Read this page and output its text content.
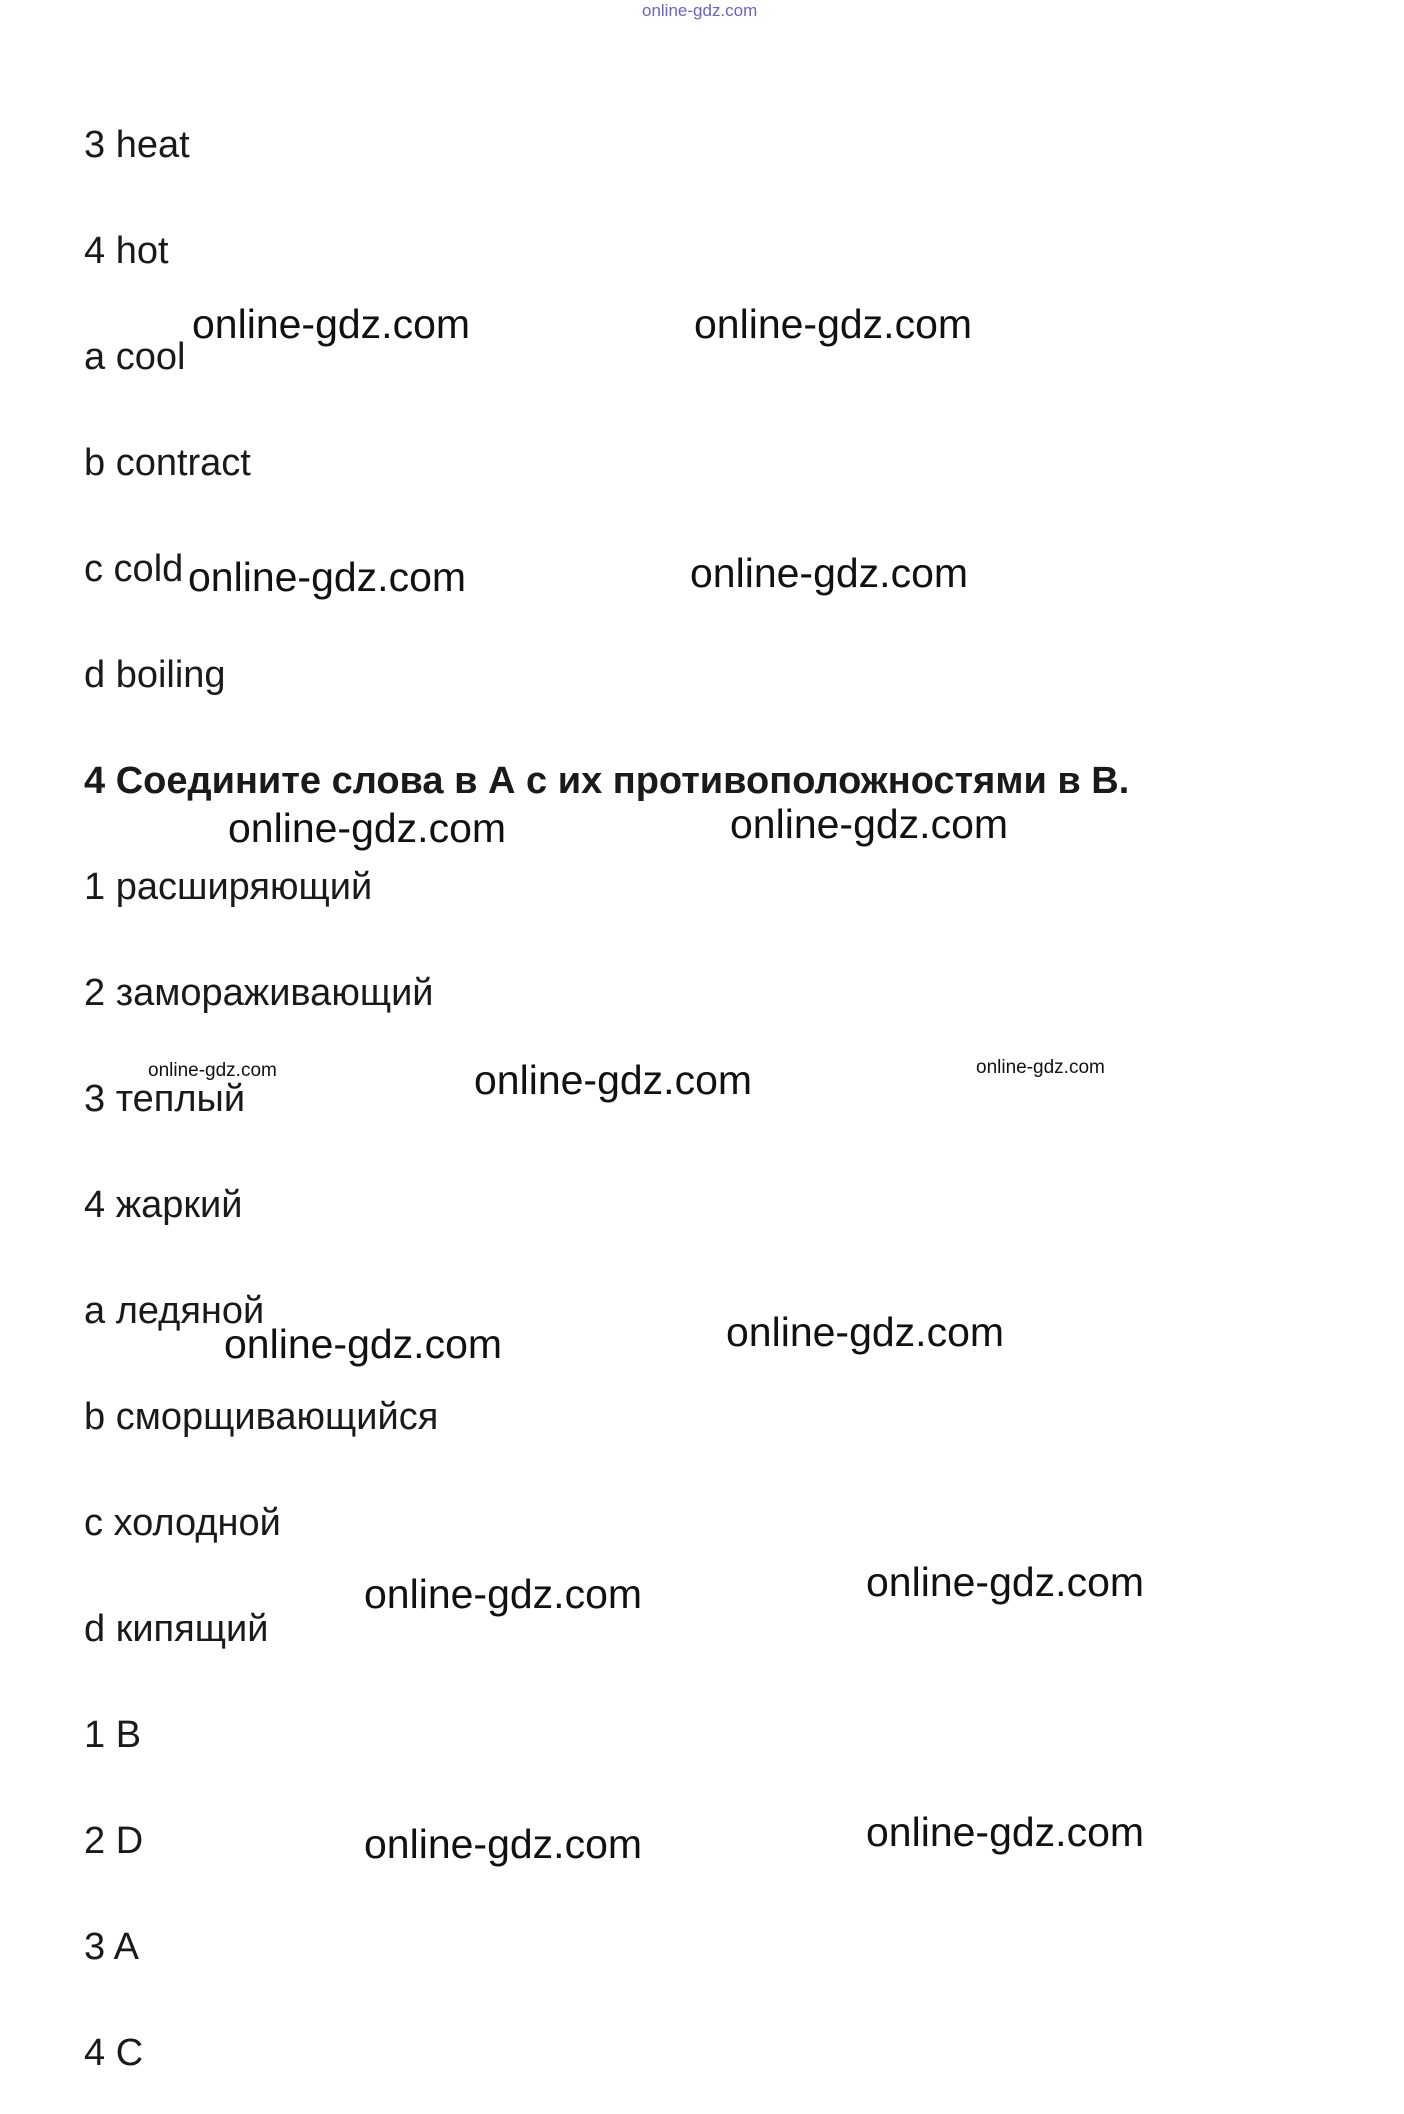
online-gdz.com
3 heat
4 hot
a cool
b contract
c cold
d boiling
4 Соедините слова в А с их противоположностями в В.
1 расширяющий
2 замораживающий
3 теплый
4 жаркий
a ледяной
b сморщивающийся
c холодной
d кипящий
1 B
2 D
3 A
4 C
online-gdz.com	online-gdz.com
online-gdz.com	online-gdz.com
online-gdz.com	online-gdz.com
online-gdz.com	online-gdz.com	online-gdz.com
online-gdz.com	online-gdz.com
online-gdz.com	online-gdz.com
online-gdz.com	online-gdz.com
